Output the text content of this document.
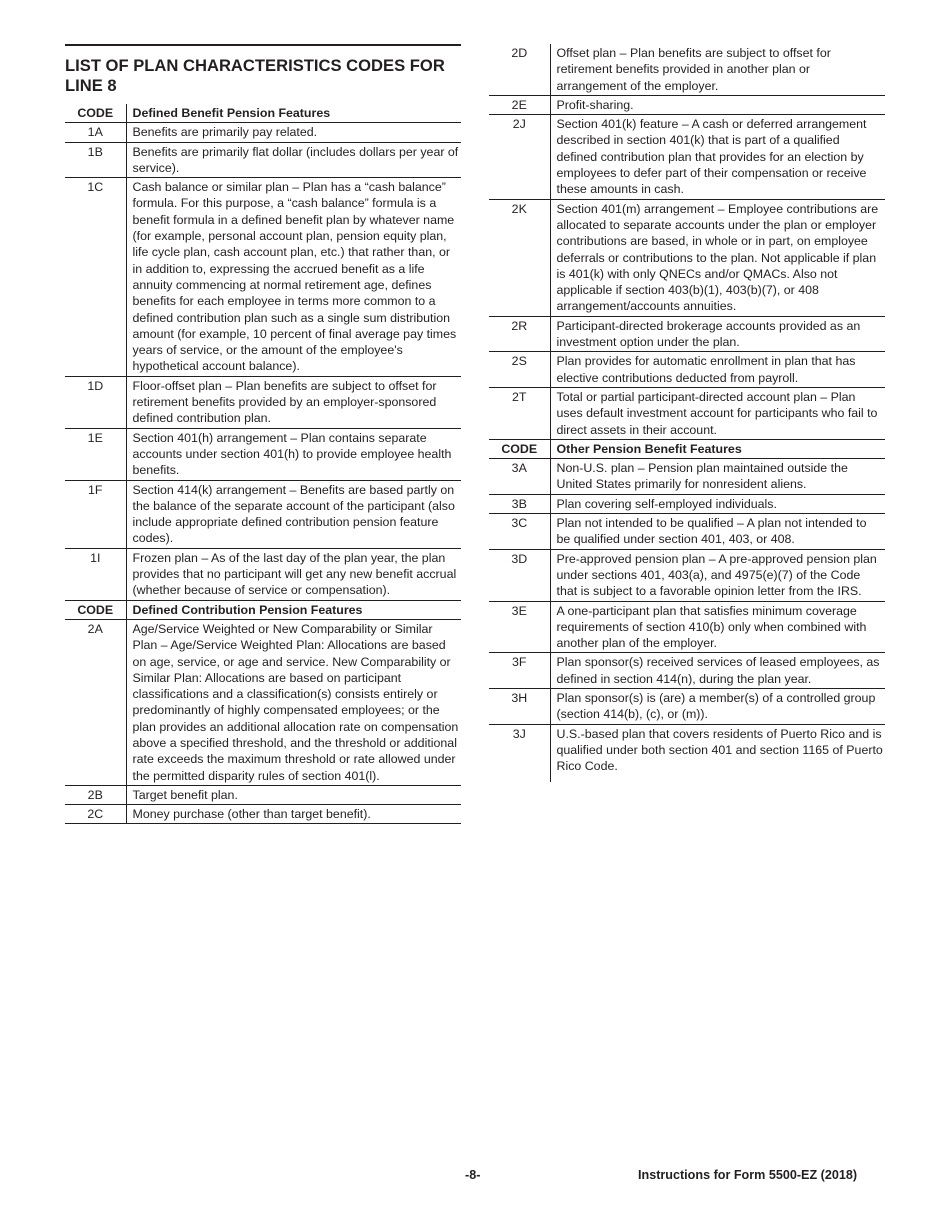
LIST OF PLAN CHARACTERISTICS CODES FOR LINE 8
CODE	Defined Benefit Pension Features
1A	Benefits are primarily pay related.
1B	Benefits are primarily flat dollar (includes dollars per year of service).
1C	Cash balance or similar plan – Plan has a “cash balance” formula. For this purpose, a “cash balance” formula is a benefit formula in a defined benefit plan by whatever name (for example, personal account plan, pension equity plan, life cycle plan, cash account plan, etc.) that rather than, or in addition to, expressing the accrued benefit as a life annuity commencing at normal retirement age, defines benefits for each employee in terms more common to a defined contribution plan such as a single sum distribution amount (for example, 10 percent of final average pay times years of service, or the amount of the employee's hypothetical account balance).
1D	Floor-offset plan – Plan benefits are subject to offset for retirement benefits provided by an employer-sponsored defined contribution plan.
1E	Section 401(h) arrangement – Plan contains separate accounts under section 401(h) to provide employee health benefits.
1F	Section 414(k) arrangement – Benefits are based partly on the balance of the separate account of the participant (also include appropriate defined contribution pension feature codes).
1I	Frozen plan – As of the last day of the plan year, the plan provides that no participant will get any new benefit accrual (whether because of service or compensation).
CODE	Defined Contribution Pension Features
2A	Age/Service Weighted or New Comparability or Similar Plan – Age/Service Weighted Plan: Allocations are based on age, service, or age and service. New Comparability or Similar Plan: Allocations are based on participant classifications and a classification(s) consists entirely or predominantly of highly compensated employees; or the plan provides an additional allocation rate on compensation above a specified threshold, and the threshold or additional rate exceeds the maximum threshold or rate allowed under the permitted disparity rules of section 401(l).
2B	Target benefit plan.
2C	Money purchase (other than target benefit).
2D	Offset plan – Plan benefits are subject to offset for retirement benefits provided in another plan or arrangement of the employer.
2E	Profit-sharing.
2J	Section 401(k) feature – A cash or deferred arrangement described in section 401(k) that is part of a qualified defined contribution plan that provides for an election by employees to defer part of their compensation or receive these amounts in cash.
2K	Section 401(m) arrangement – Employee contributions are allocated to separate accounts under the plan or employer contributions are based, in whole or in part, on employee deferrals or contributions to the plan. Not applicable if plan is 401(k) with only QNECs and/or QMACs. Also not applicable if section 403(b)(1), 403(b)(7), or 408 arrangement/accounts annuities.
2R	Participant-directed brokerage accounts provided as an investment option under the plan.
2S	Plan provides for automatic enrollment in plan that has elective contributions deducted from payroll.
2T	Total or partial participant-directed account plan – Plan uses default investment account for participants who fail to direct assets in their account.
CODE	Other Pension Benefit Features
3A	Non-U.S. plan – Pension plan maintained outside the United States primarily for nonresident aliens.
3B	Plan covering self-employed individuals.
3C	Plan not intended to be qualified – A plan not intended to be qualified under section 401, 403, or 408.
3D	Pre-approved pension plan – A pre-approved pension plan under sections 401, 403(a), and 4975(e)(7) of the Code that is subject to a favorable opinion letter from the IRS.
3E	A one-participant plan that satisfies minimum coverage requirements of section 410(b) only when combined with another plan of the employer.
3F	Plan sponsor(s) received services of leased employees, as defined in section 414(n), during the plan year.
3H	Plan sponsor(s) is (are) a member(s) of a controlled group (section 414(b), (c), or (m)).
3J	U.S.-based plan that covers residents of Puerto Rico and is qualified under both section 401 and section 1165 of Puerto Rico Code.
-8-	Instructions for Form 5500-EZ (2018)
